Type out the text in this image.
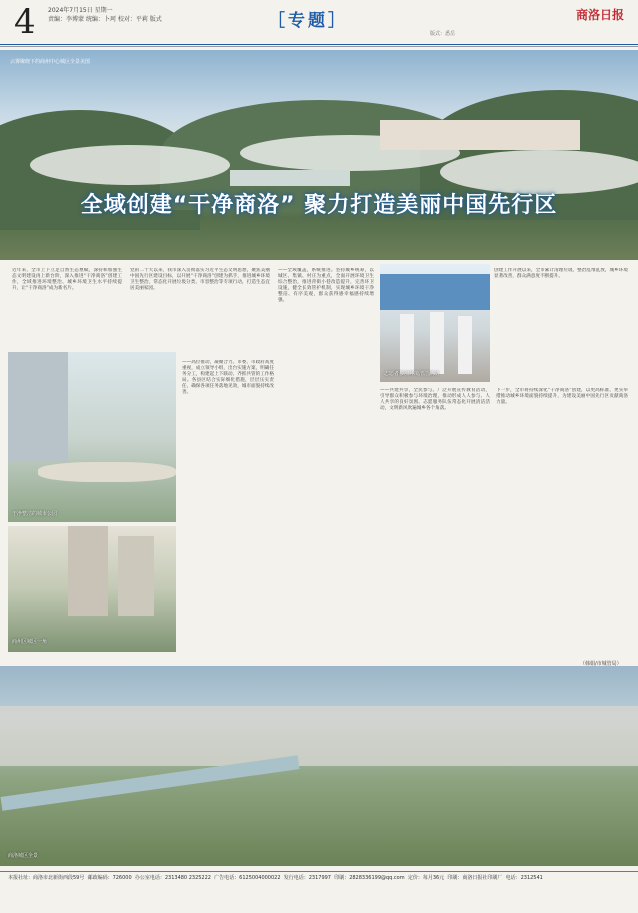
4 2024年7月15日 星期一
责编：李博蒙 统编：卜珂 校对：平莉 版式	［专题］	商洛日报
版式：悉岳
云雾缭绕下的商州中心城区全景美图
全域创建“干净商洛” 聚力打造美丽中国先行区
干净整洁的城市公园
商州区城区一角
志愿者参加环境清洁活动
商洛城区全景
近年来，全市上下立足自然生态禀赋，深持和加强生态文明建设再上新台阶，深入推进“干净商洛”创建工作，全域推进环境整治、城乡环境卫生水平持续提升，让“干净商洛”成为新名片。
党的二十大以来，我市深入贯彻落实习近平生态文明思想，聚焦美丽中国先行区建设目标，以开展“干净商洛”创建为抓手，推进城乡环境卫生整治，常态化开展垃圾分类、市容整治等专项行动，打造生态宜居美丽家园。
——高位推动，凝聚合力。市委、市政府高度重视，成立领导小组，出台实施方案，明确任务分工，构建起上下联动、齐抓共管的工作格局。各县区结合实际细化措施，层层压实责任，确保各项任务落地见效，城市面貌持续改善。
——全域覆盖，系统推进。坚持城乡统筹，以城区、集镇、村庄为重点，全面开展环境卫生综合整治，推进背街小巷改造提升，完善环卫设施，健全长效管护机制，实现城乡环境干净整洁、有序美观，群众获得感幸福感持续增强。
创建工作开展以来，全市累计清理垃圾、整治乱堆乱放，城乡环境显著改善，群众满意度不断提升。
——共建共享，全民参与。广泛开展宣传教育活动，引导群众积极参与环境治理，推动形成人人参与、人人共享的良好氛围。志愿服务队伍常态化开展清洁活动，文明新风吹遍城乡各个角落。
下一步，全市将持续深化“干净商洛”创建，以更高标准、更实举措推动城乡环境面貌持续提升，为建设美丽中国先行区贡献商洛力量。
（韩娟/市城管局）
本报社址：商洛市北新街西段59号 邮政编码：726000 办公室电话：2313480 2325222 广告电话：6125004000022 发行电话：2317997 印刷：2828336199@qq.com 定价：每月36元 印刷：商洛日报社印刷厂 电话：2312541
